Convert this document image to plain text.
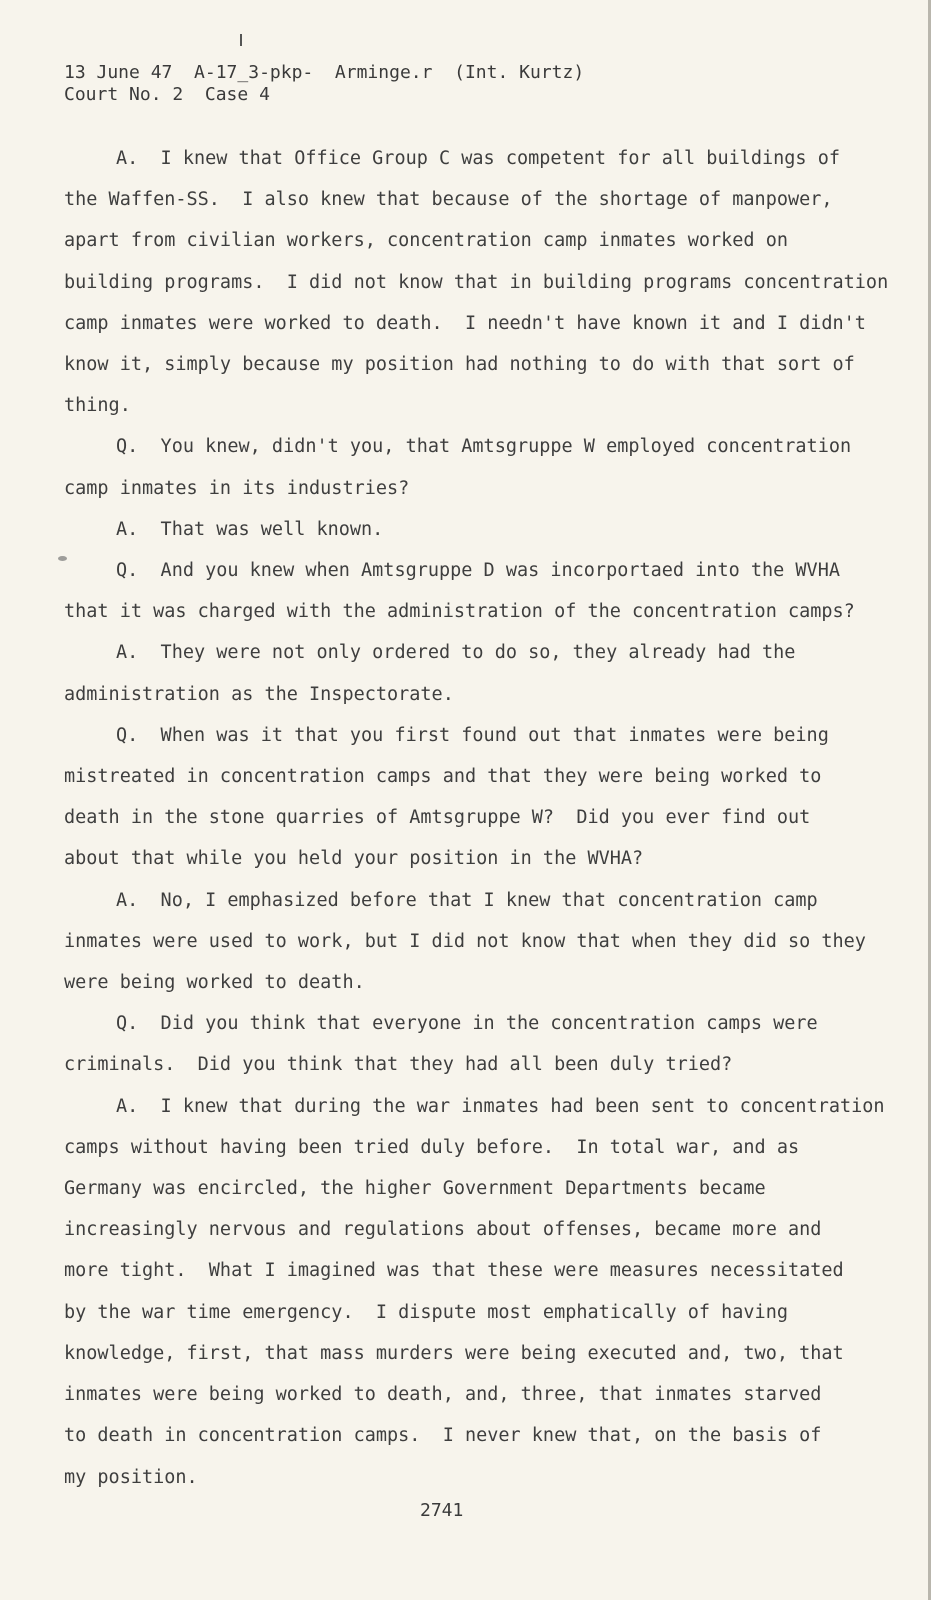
13 June 47  A-17̲3-pkp-  Arminge.r  (Int. Kurtz)
Court No. 2  Case 4
A.  I knew that Office Group C was competent for all buildings of
the Waffen-SS.  I also knew that because of the shortage of manpower,
apart from civilian workers, concentration camp inmates worked on
building programs.  I did not know that in building programs concentration
camp inmates were worked to death.  I needn't have known it and I didn't
know it, simply because my position had nothing to do with that sort of
thing.
Q.  You knew, didn't you, that Amtsgruppe W employed concentration
camp inmates in its industries?
A.  That was well known.
Q.  And you knew when Amtsgruppe D was incorportaed into the WVHA
that it was charged with the administration of the concentration camps?
A.  They were not only ordered to do so, they already had the
administration as the Inspectorate.
Q.  When was it that you first found out that inmates were being
mistreated in concentration camps and that they were being worked to
death in the stone quarries of Amtsgruppe W?  Did you ever find out
about that while you held your position in the WVHA?
A.  No, I emphasized before that I knew that concentration camp
inmates were used to work, but I did not know that when they did so they
were being worked to death.
Q.  Did you think that everyone in the concentration camps were
criminals.  Did you think that they had all been duly tried?
A.  I knew that during the war inmates had been sent to concentration
camps without having been tried duly before.  In total war, and as
Germany was encircled, the higher Government Departments became
increasingly nervous and regulations about offenses, became more and
more tight.  What I imagined was that these were measures necessitated
by the war time emergency.  I dispute most emphatically of having
knowledge, first, that mass murders were being executed and, two, that
inmates were being worked to death, and, three, that inmates starved
to death in concentration camps.  I never knew that, on the basis of
my position.
2741
